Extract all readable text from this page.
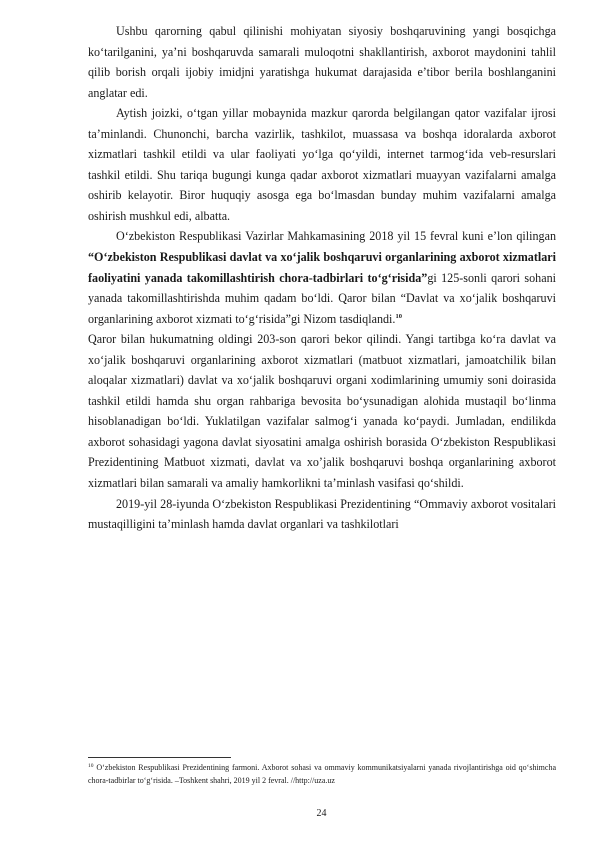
Ushbu qarorning qabul qilinishi mohiyatan siyosiy boshqaruvining yangi bosqichga ko‘tarilganini, ya’ni boshqaruvda samarali muloqotni shakllantirish, axborot maydonini tahlil qilib borish orqali ijobiy imidjni yaratishga hukumat darajasida e’tibor berila boshlanganini anglatar edi.

Aytish joizki, o‘tgan yillar mobaynida mazkur qarorda belgilangan qator vazifalar ijrosi ta’minlandi. Chunonchi, barcha vazirlik, tashkilot, muassasa va boshqa idoralarda axborot xizmatlari tashkil etildi va ular faoliyati yo‘lga qo‘yildi, internet tarmog‘ida veb-resurslari tashkil etildi. Shu tariqa bugungi kunga qadar axborot xizmatlari muayyan vazifalarni amalga oshirib kelayotir. Biror huquqiy asosga ega bo‘lmasdan bunday muhim vazifalarni amalga oshirish mushkul edi, albatta.

O‘zbekiston Respublikasi Vazirlar Mahkamasining 2018 yil 15 fevral kuni e’lon qilingan “O‘zbekiston Respublikasi davlat va xo‘jalik boshqaruvi organlarining axborot xizmatlari faoliyatini yanada takomillashtirish chora-tadbirlari to‘g‘risida”gi 125-sonli qarori sohani yanada takomillashtirishda muhim qadam bo‘ldi. Qaror bilan “Davlat va xo‘jalik boshqaruvi organlarining axborot xizmati to‘g‘risida”gi Nizom tasdiqlandi.$^{10}$

Qaror bilan hukumatning oldingi 203-son qarori bekor qilindi. Yangi tartibga ko‘ra davlat va xo‘jalik boshqaruvi organlarining axborot xizmatlari (matbuot xizmatlari, jamoatchilik bilan aloqalar xizmatlari) davlat va xo‘jalik boshqaruvi organi xodimlarining umumiy soni doirasida tashkil etildi hamda shu organ rahbariga bevosita bo‘ysunadigan alohida mustaqil bo‘linma hisoblanadigan bo‘ldi. Yuklatilgan vazifalar salmog‘i yanada ko‘paydi. Jumladan, endilikda axborot sohasidagi yagona davlat siyosatini amalga oshirish borasida O‘zbekiston Respublikasi Prezidentining Matbuot xizmati, davlat va xo’jalik boshqaruvi boshqa organlarining axborot xizmatlari bilan samarali va amaliy hamkorlikni ta’minlash vasifasi qo‘shildi.

2019-yil 28-iyunda O‘zbekiston Respublikasi Prezidentining “Ommaviy axborot vositalari mustaqilligini ta’minlash hamda davlat organlari va tashkilotlari

$^{10}$ O‘zbekiston Respublikasi Prezidentining farmoni. Axborot sohasi va ommaviy kommunikatsiyalarni yanada rivojlantirishga oid qo‘shimcha chora-tadbirlar to‘g‘risida. –Toshkent shahri, 2019 yil 2 fevral. //http://uza.uz
24
